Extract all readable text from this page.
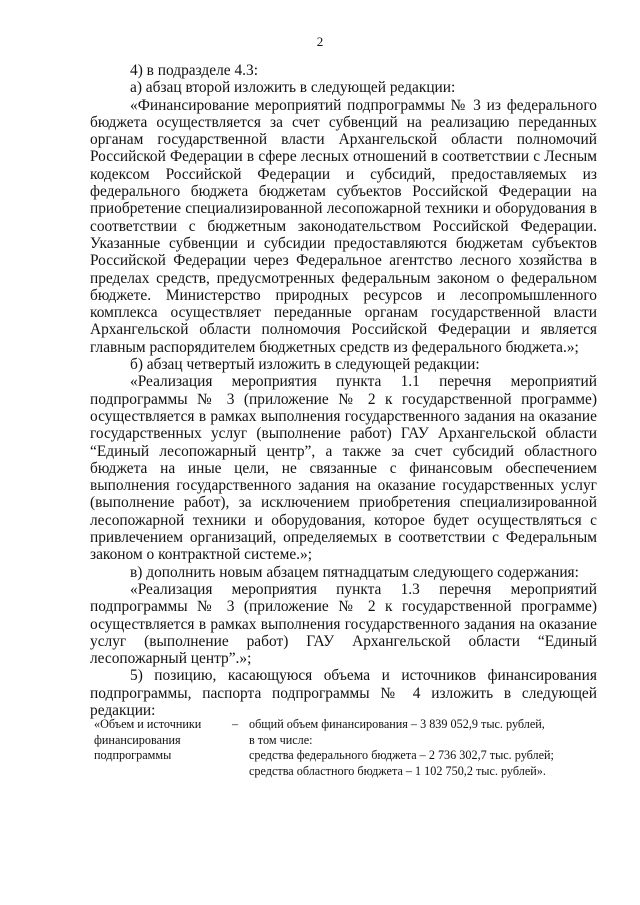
2

4) в подразделе 4.3:

а) абзац второй изложить в следующей редакции:

«Финансирование мероприятий подпрограммы № 3 из федерального бюджета осуществляется за счет субвенций на реализацию переданных органам государственной власти Архангельской области полномочий Российской Федерации в сфере лесных отношений в соответствии с Лесным кодексом Российской Федерации и субсидий, предоставляемых из федерального бюджета бюджетам субъектов Российской Федерации на приобретение специализированной лесопожарной техники и оборудования в соответствии с бюджетным законодательством Российской Федерации. Указанные субвенции и субсидии предоставляются бюджетам субъектов Российской Федерации через Федеральное агентство лесного хозяйства в пределах средств, предусмотренных федеральным законом о федеральном бюджете. Министерство природных ресурсов и лесопромышленного комплекса осуществляет переданные органам государственной власти Архангельской области полномочия Российской Федерации и является главным распорядителем бюджетных средств из федерального бюджета.»;

б) абзац четвертый изложить в следующей редакции:

«Реализация мероприятия пункта 1.1 перечня мероприятий подпрограммы № 3 (приложение № 2 к государственной программе) осуществляется в рамках выполнения государственного задания на оказание государственных услуг (выполнение работ) ГАУ Архангельской области “Единый лесопожарный центр”, а также за счет субсидий областного бюджета на иные цели, не связанные с финансовым обеспечением выполнения государственного задания на оказание государственных услуг (выполнение работ), за исключением приобретения специализированной лесопожарной техники и оборудования, которое будет осуществляться с привлечением организаций, определяемых в соответствии с Федеральным законом о контрактной системе.»;

в) дополнить новым абзацем пятнадцатым следующего содержания:

«Реализация мероприятия пункта 1.3 перечня мероприятий подпрограммы № 3 (приложение № 2 к государственной программе) осуществляется в рамках выполнения государственного задания на оказание услуг (выполнение работ) ГАУ Архангельской области “Единый лесопожарный центр”.»;

5) позицию, касающуюся объема и источников финансирования подпрограммы, паспорта подпрограммы № 4 изложить в следующей редакции:

«Объем и источники
финансирования
подпрограммы
– общий объем финансирования – 3 839 052,9 тыс. рублей,
в том числе:
средства федерального бюджета – 2 736 302,7 тыс. рублей;
средства областного бюджета – 1 102 750,2 тыс. рублей».
